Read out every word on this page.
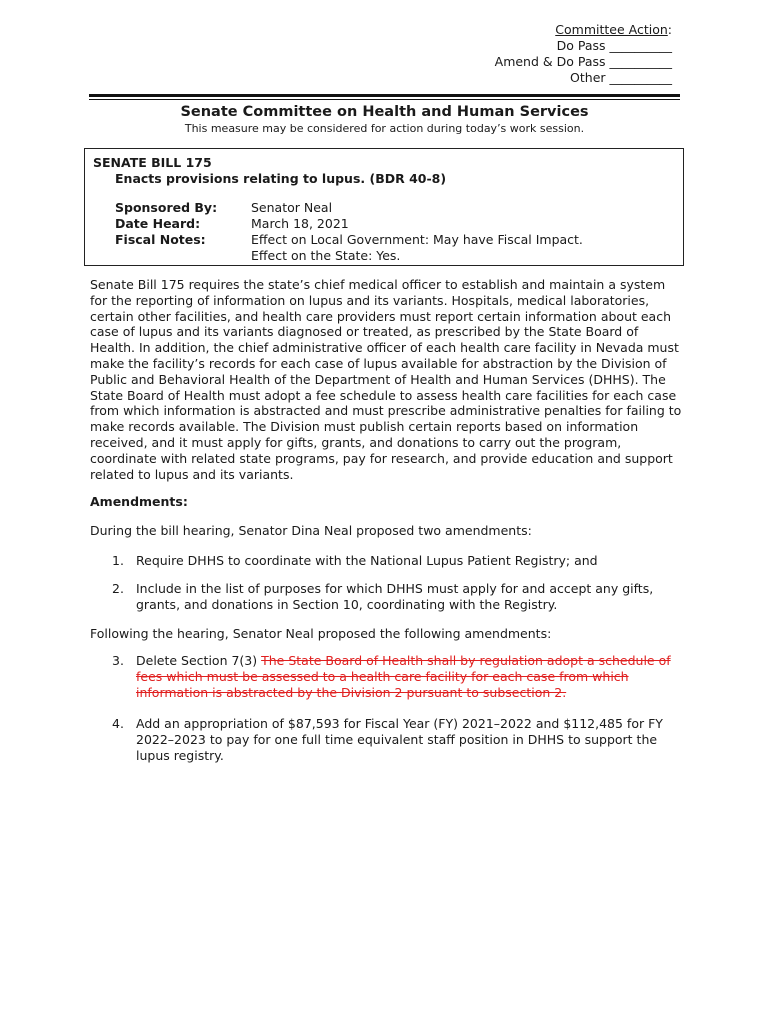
Committee Action:
Do Pass __________
Amend & Do Pass __________
Other __________
Senate Committee on Health and Human Services
This measure may be considered for action during today’s work session.
SENATE BILL 175
Enacts provisions relating to lupus. (BDR 40-8)
Sponsored By:	Senator Neal
Date Heard:	March 18, 2021
Fiscal Notes:	Effect on Local Government: May have Fiscal Impact.
Effect on the State: Yes.

Senate Bill 175 requires the state’s chief medical officer to establish and maintain a system for the reporting of information on lupus and its variants. Hospitals, medical laboratories, certain other facilities, and health care providers must report certain information about each case of lupus and its variants diagnosed or treated, as prescribed by the State Board of Health. In addition, the chief administrative officer of each health care facility in Nevada must make the facility’s records for each case of lupus available for abstraction by the Division of Public and Behavioral Health of the Department of Health and Human Services (DHHS). The State Board of Health must adopt a fee schedule to assess health care facilities for each case from which information is abstracted and must prescribe administrative penalties for failing to make records available. The Division must publish certain reports based on information received, and it must apply for gifts, grants, and donations to carry out the program, coordinate with related state programs, pay for research, and provide education and support related to lupus and its variants.

Amendments:

During the bill hearing, Senator Dina Neal proposed two amendments:

1. Require DHHS to coordinate with the National Lupus Patient Registry; and
2. Include in the list of purposes for which DHHS must apply for and accept any gifts, grants, and donations in Section 10, coordinating with the Registry.

Following the hearing, Senator Neal proposed the following amendments:

3. Delete Section 7(3) The State Board of Health shall by regulation adopt a schedule of fees which must be assessed to a health care facility for each case from which information is abstracted by the Division 2 pursuant to subsection 2.
4. Add an appropriation of $87,593 for Fiscal Year (FY) 2021–2022 and $112,485 for FY 2022–2023 to pay for one full time equivalent staff position in DHHS to support the lupus registry.
